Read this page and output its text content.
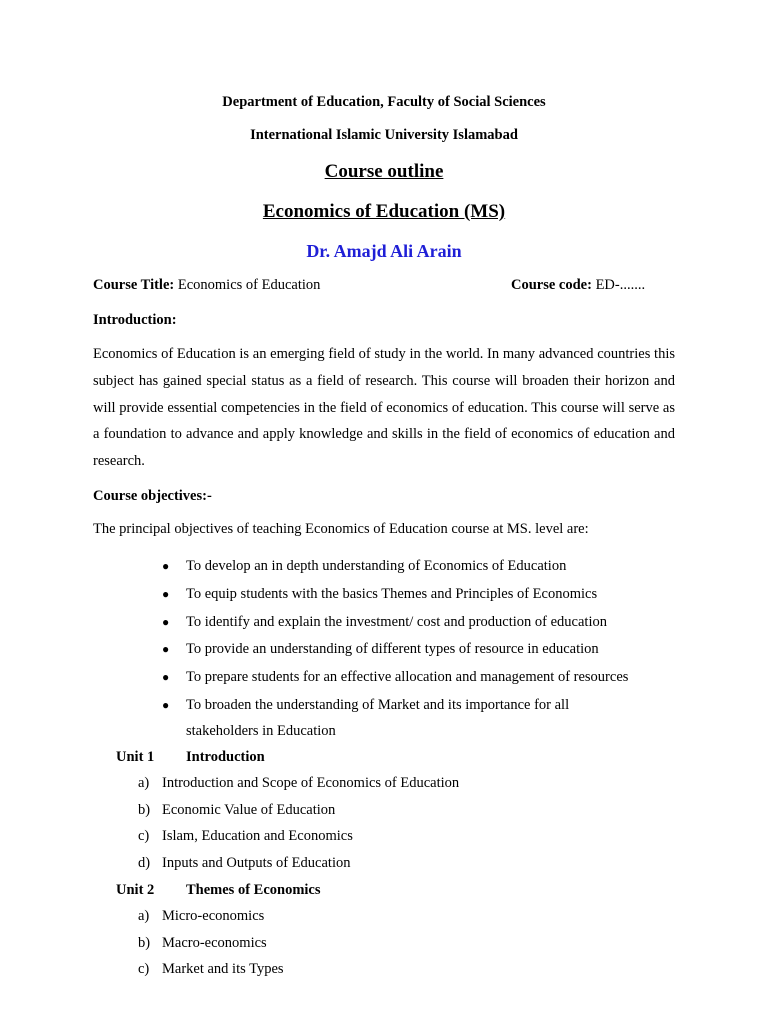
Department of Education, Faculty of Social Sciences

International Islamic University Islamabad

Course outline

Economics of Education (MS)

Dr. Amajd Ali Arain

Course Title: Economics of Education	Course code: ED-.......

Introduction:

Economics of Education is an emerging field of study in the world. In many advanced countries this subject has gained special status as a field of research. This course will broaden their horizon and will provide essential competencies in the field of economics of education. This course will serve as a foundation to advance and apply knowledge and skills in the field of economics of education and research.

Course objectives:-

The principal objectives of teaching Economics of Education course at MS. level are:

● To develop an in depth understanding of Economics of Education
● To equip students with the basics Themes and Principles of Economics
● To identify and explain the investment/ cost and production of education
● To provide an understanding of different types of resource in education
● To prepare students for an effective allocation and management of resources
● To broaden the understanding of Market and its importance for all stakeholders in Education

Unit 1 Introduction

a) Introduction and Scope of Economics of Education
b) Economic Value of Education
c) Islam, Education and Economics
d) Inputs and Outputs of Education

Unit 2 Themes of Economics

a) Micro-economics
b) Macro-economics
c) Market and its Types
